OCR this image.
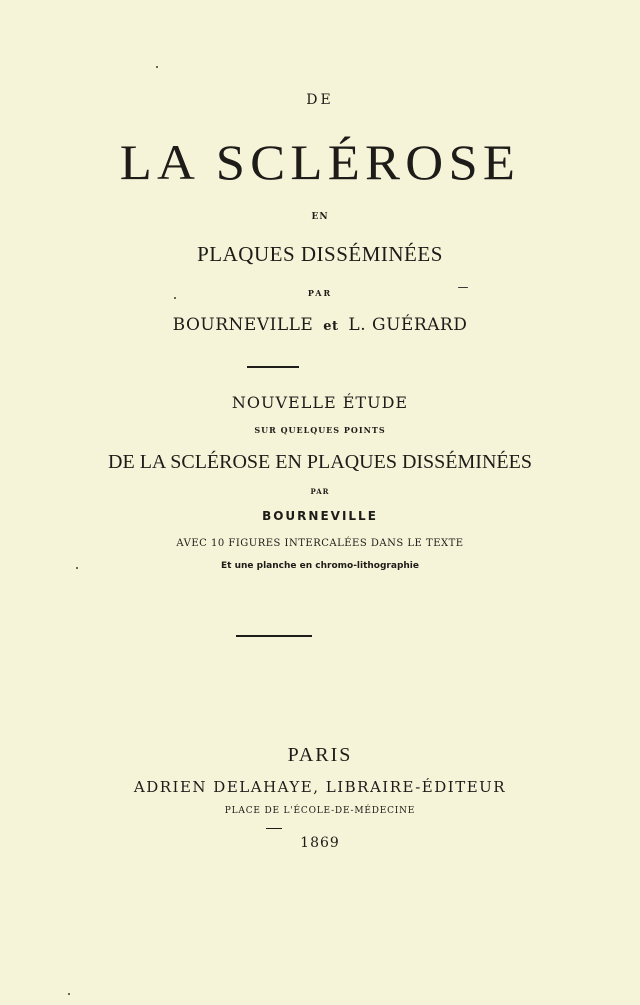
DE
LA SCLÉROSE
EN
PLAQUES DISSÉMINÉES
PAR
BOURNEVILLE et L. GUÉRARD
NOUVELLE ÉTUDE
SUR QUELQUES POINTS
DE LA SCLÉROSE EN PLAQUES DISSÉMINÉES
PAR
BOURNEVILLE
AVEC 10 FIGURES INTERCALÉES DANS LE TEXTE
Et une planche en chromo-lithographie
PARIS
ADRIEN DELAHAYE, LIBRAIRE-ÉDITEUR
PLACE DE L'ÉCOLE-DE-MÉDECINE
1869
